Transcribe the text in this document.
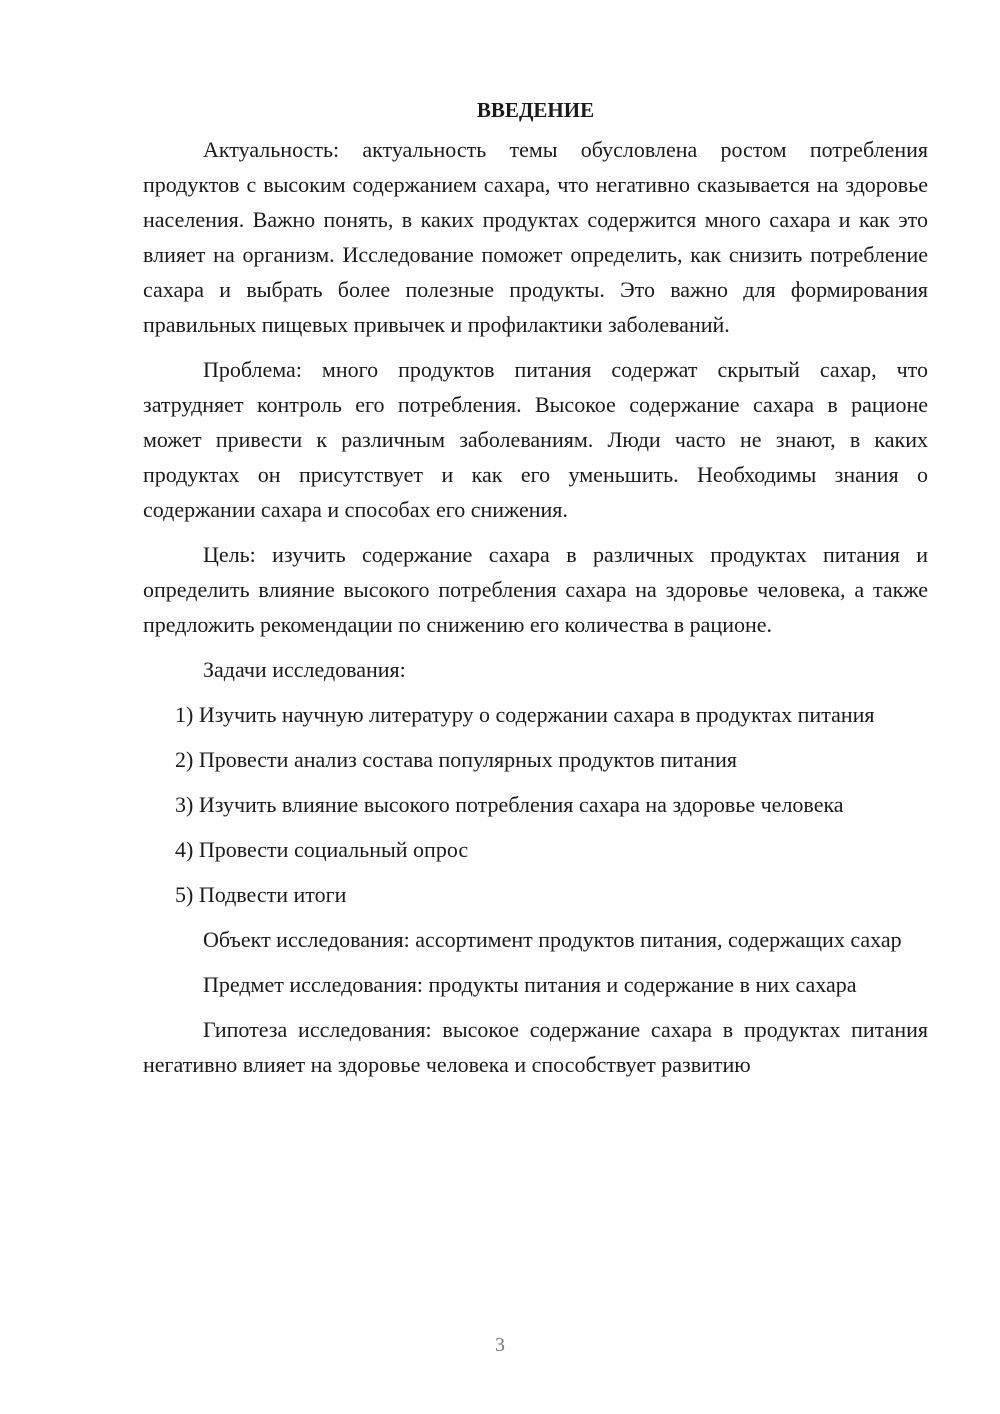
ВВЕДЕНИЕ

Актуальность: актуальность темы обусловлена ростом потребления продуктов с высоким содержанием сахара, что негативно сказывается на здоровье населения. Важно понять, в каких продуктах содержится много сахара и как это влияет на организм. Исследование поможет определить, как снизить потребление сахара и выбрать более полезные продукты. Это важно для формирования правильных пищевых привычек и профилактики заболеваний.

Проблема: много продуктов питания содержат скрытый сахар, что затрудняет контроль его потребления. Высокое содержание сахара в рационе может привести к различным заболеваниям. Люди часто не знают, в каких продуктах он присутствует и как его уменьшить. Необходимы знания о содержании сахара и способах его снижения.

Цель: изучить содержание сахара в различных продуктах питания и определить влияние высокого потребления сахара на здоровье человека, а также предложить рекомендации по снижению его количества в рационе.

Задачи исследования:

1) Изучить научную литературу о содержании сахара в продуктах питания

2) Провести анализ состава популярных продуктов питания

3) Изучить влияние высокого потребления сахара на здоровье человека

4) Провести социальный опрос

5) Подвести итоги

Объект исследования: ассортимент продуктов питания, содержащих сахар

Предмет исследования: продукты питания и содержание в них сахара

Гипотеза исследования: высокое содержание сахара в продуктах питания негативно влияет на здоровье человека и способствует развитию

3
